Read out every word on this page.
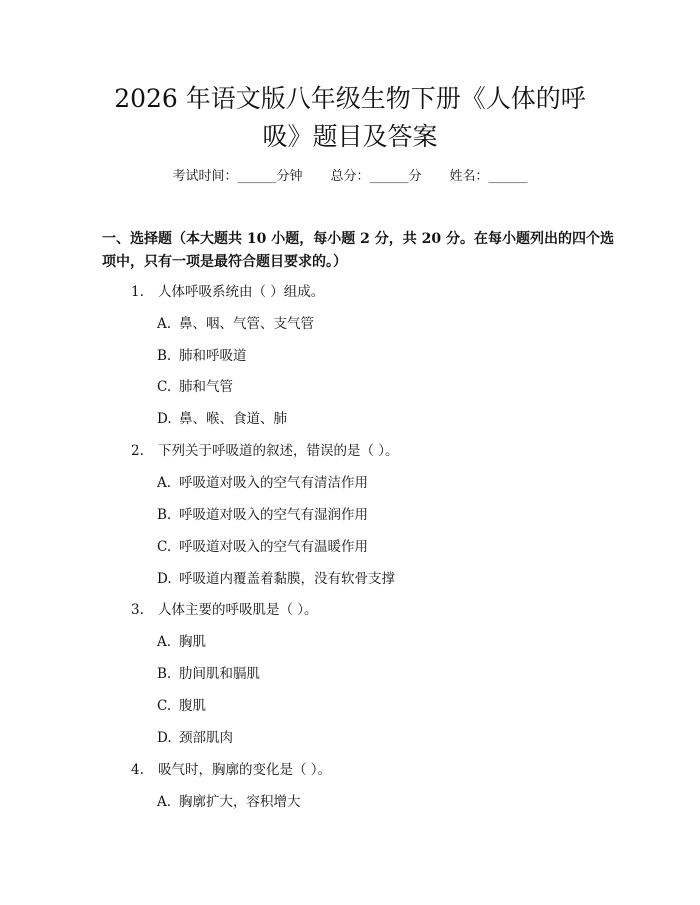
2026 年语文版八年级生物下册《人体的呼
吸》题目及答案
考试时间：______分钟 总分：______分 姓名：______

一、选择题（本大题共 10 小题，每小题 2 分，共 20 分。在每小题列出的四个选项中，只有一项是最符合题目要求的。）

1. 人体呼吸系统由（ ）组成。
A. 鼻、咽、气管、支气管
B. 肺和呼吸道
C. 肺和气管
D. 鼻、喉、食道、肺
2. 下列关于呼吸道的叙述，错误的是（ ）。
A. 呼吸道对吸入的空气有清洁作用
B. 呼吸道对吸入的空气有湿润作用
C. 呼吸道对吸入的空气有温暖作用
D. 呼吸道内覆盖着黏膜，没有软骨支撑
3. 人体主要的呼吸肌是（ ）。
A. 胸肌
B. 肋间肌和膈肌
C. 腹肌
D. 颈部肌肉
4. 吸气时，胸廓的变化是（ ）。
A. 胸廓扩大，容积增大
